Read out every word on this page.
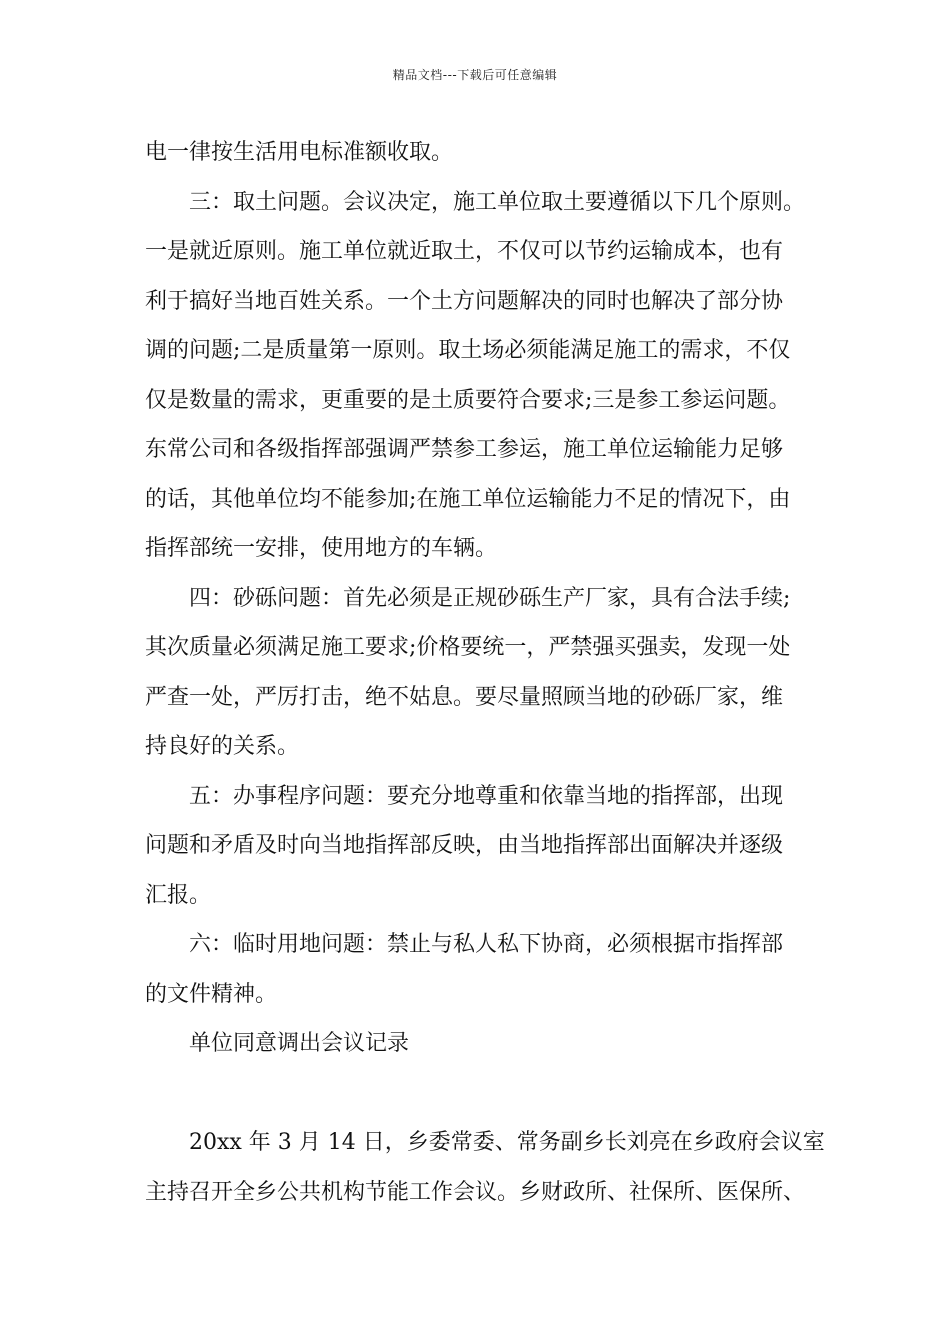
精品文档---下载后可任意编辑
电一律按生活用电标准额收取。
三：取土问题。会议决定，施工单位取土要遵循以下几个原则。
一是就近原则。施工单位就近取土，不仅可以节约运输成本，也有
利于搞好当地百姓关系。一个土方问题解决的同时也解决了部分协
调的问题;二是质量第一原则。取土场必须能满足施工的需求，不仅
仅是数量的需求，更重要的是土质要符合要求;三是参工参运问题。
东常公司和各级指挥部强调严禁参工参运，施工单位运输能力足够
的话，其他单位均不能参加;在施工单位运输能力不足的情况下，由
指挥部统一安排，使用地方的车辆。
四：砂砾问题：首先必须是正规砂砾生产厂家，具有合法手续;
其次质量必须满足施工要求;价格要统一，严禁强买强卖，发现一处
严查一处，严厉打击，绝不姑息。要尽量照顾当地的砂砾厂家，维
持良好的关系。
五：办事程序问题：要充分地尊重和依靠当地的指挥部，出现
问题和矛盾及时向当地指挥部反映，由当地指挥部出面解决并逐级
汇报。
六：临时用地问题：禁止与私人私下协商，必须根据市指挥部
的文件精神。
单位同意调出会议记录
20xx 年 3 月 14 日，乡委常委、常务副乡长刘亮在乡政府会议室
主持召开全乡公共机构节能工作会议。乡财政所、社保所、医保所、
